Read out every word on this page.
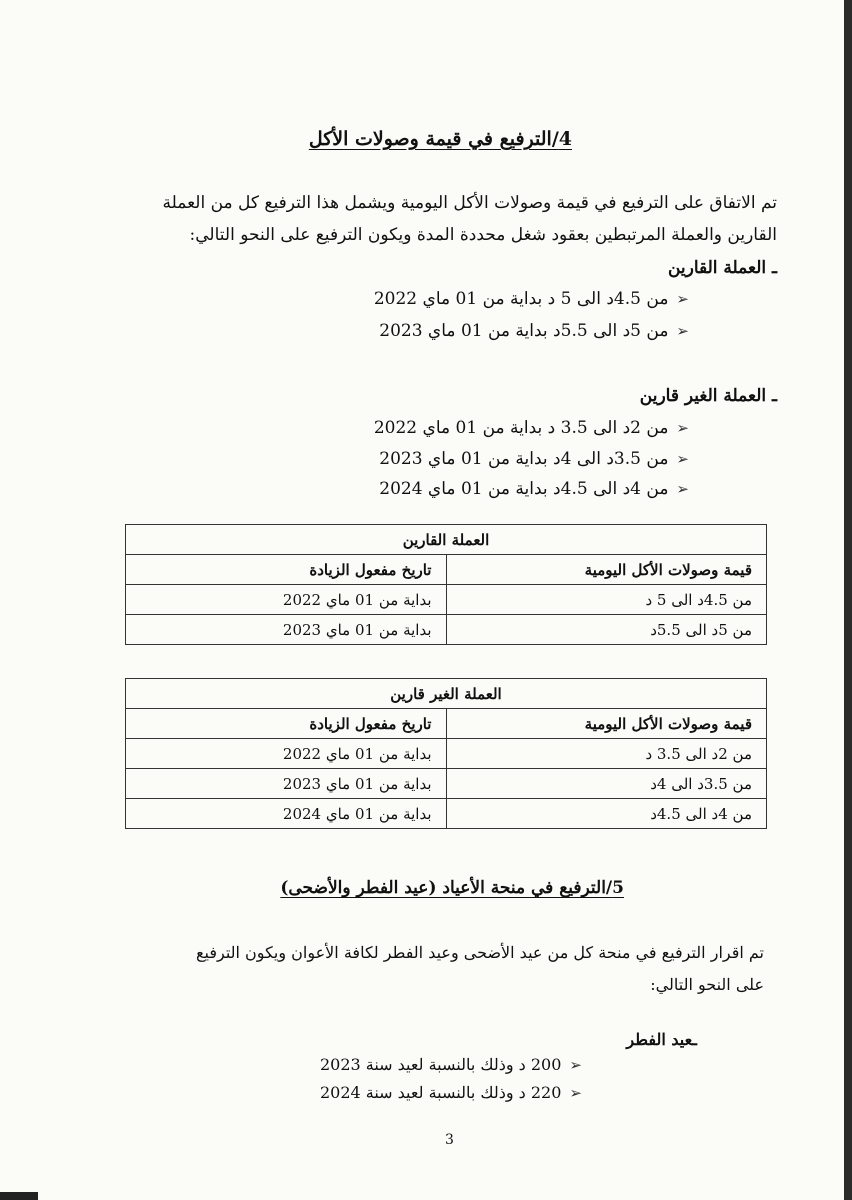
4/الترفيع في قيمة وصولات الأكل
تم الاتفاق على الترفيع في قيمة وصولات الأكل اليومية ويشمل هذا الترفيع كل من العملة
القارين والعملة المرتبطين بعقود شغل محددة المدة ويكون الترفيع على النحو التالي:
ـ العملة القارين
➢
من 4.5د الى 5 د بداية من 01 ماي 2022
➢
من 5د الى 5.5د بداية من 01 ماي 2023
ـ العملة الغير قارين
➢
من 2د الى 3.5 د بداية من 01 ماي 2022
➢
من 3.5د الى 4د بداية من 01 ماي 2023
➢
من 4د الى 4.5د بداية من 01 ماي 2024
العملة القارين	
قيمة وصولات الأكل اليومية	تاريخ مفعول الزيادة
من 4.5د الى 5 د	بداية من 01 ماي 2022
من 5د الى 5.5د	بداية من 01 ماي 2023
العملة الغير قارين	
قيمة وصولات الأكل اليومية	تاريخ مفعول الزيادة
من 2د الى 3.5 د	بداية من 01 ماي 2022
من 3.5د الى 4د	بداية من 01 ماي 2023
من 4د الى 4.5د	بداية من 01 ماي 2024
5/الترفيع في منحة الأعياد (عيد الفطر والأضحى)
تم اقرار الترفيع في منحة كل من عيد الأضحى وعيد الفطر لكافة الأعوان ويكون الترفيع
على النحو التالي:
ـعيد الفطر
➢
200 د وذلك بالنسبة لعيد سنة 2023
➢
220 د وذلك بالنسبة لعيد سنة 2024
3
